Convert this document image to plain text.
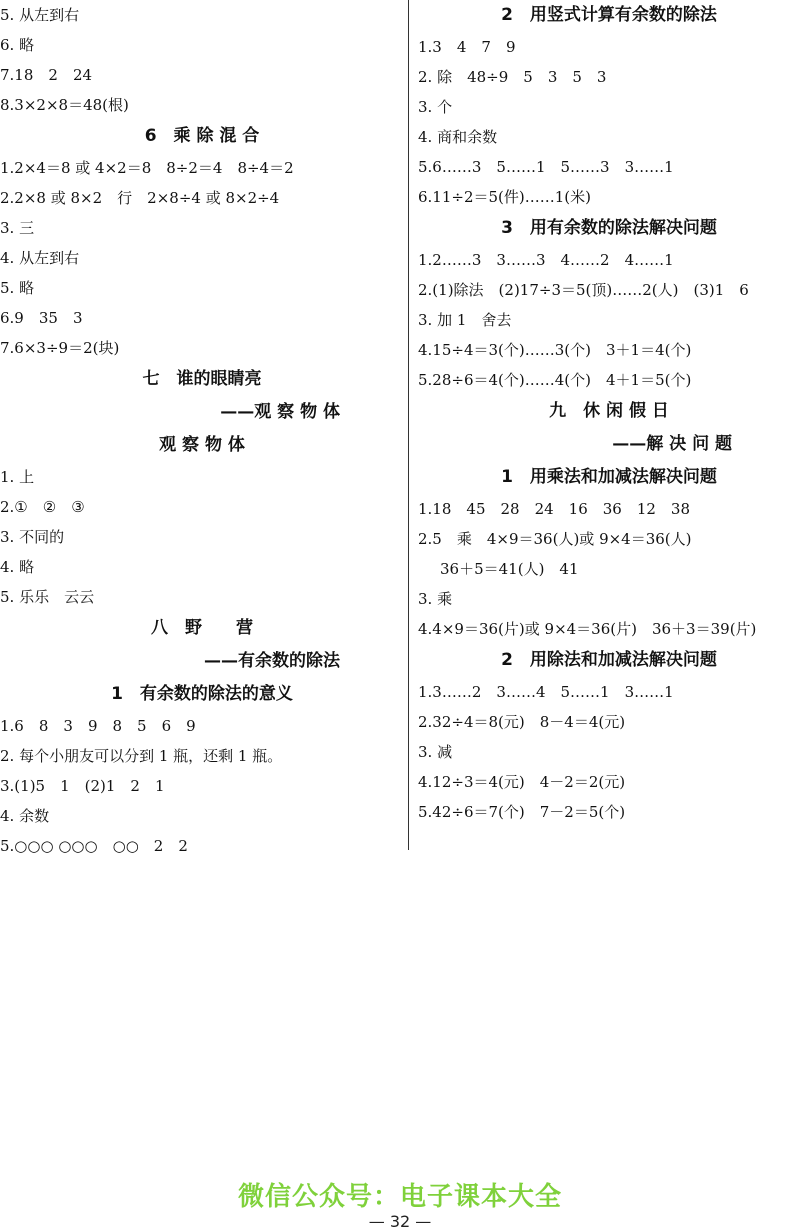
5. 从左到右
6. 略
7.18　2　24
8.3×2×8＝48(根)
6　乘 除 混 合
1.2×4＝8 或 4×2＝8　8÷2＝4　8÷4＝2
2.2×8 或 8×2　行　2×8÷4 或 8×2÷4
3. 三
4. 从左到右
5. 略
6.9　35　3
7.6×3÷9＝2(块)
七　谁的眼睛亮
——观 察 物 体
观 察 物 体
1. 上
2.①　②　③
3. 不同的
4. 略
5. 乐乐　云云
八　野　　营
——有余数的除法
1　有余数的除法的意义
1.6　8　3　9　8　5　6　9
2. 每个小朋友可以分到 1 瓶，还剩 1 瓶。
3.(1)5　1　(2)1　2　1
4. 余数
5.○○○ ○○○　○○　2　2
2　用竖式计算有余数的除法
1.3　4　7　9
2. 除　48÷9　5　3　5　3
3. 个
4. 商和余数
5.6……3　5……1　5……3　3……1
6.11÷2＝5(件)……1(米)
3　用有余数的除法解决问题
1.2……3　3……3　4……2　4……1
2.(1)除法　(2)17÷3＝5(顶)……2(人)　(3)1　6
3. 加 1　舍去
4.15÷4＝3(个)……3(个)　3＋1＝4(个)
5.28÷6＝4(个)……4(个)　4＋1＝5(个)
九　休 闲 假 日
——解 决 问 题
1　用乘法和加减法解决问题
1.18　45　28　24　16　36　12　38
2.5　乘　4×9＝36(人)或 9×4＝36(人)
36＋5＝41(人)　41
3. 乘
4.4×9＝36(片)或 9×4＝36(片)　36＋3＝39(片)
2　用除法和加减法解决问题
1.3……2　3……4　5……1　3……1
2.32÷4＝8(元)　8－4＝4(元)
3. 减
4.12÷3＝4(元)　4－2＝2(元)
5.42÷6＝7(个)　7－2＝5(个)
微信公众号：电子课本大全
— 32 —
